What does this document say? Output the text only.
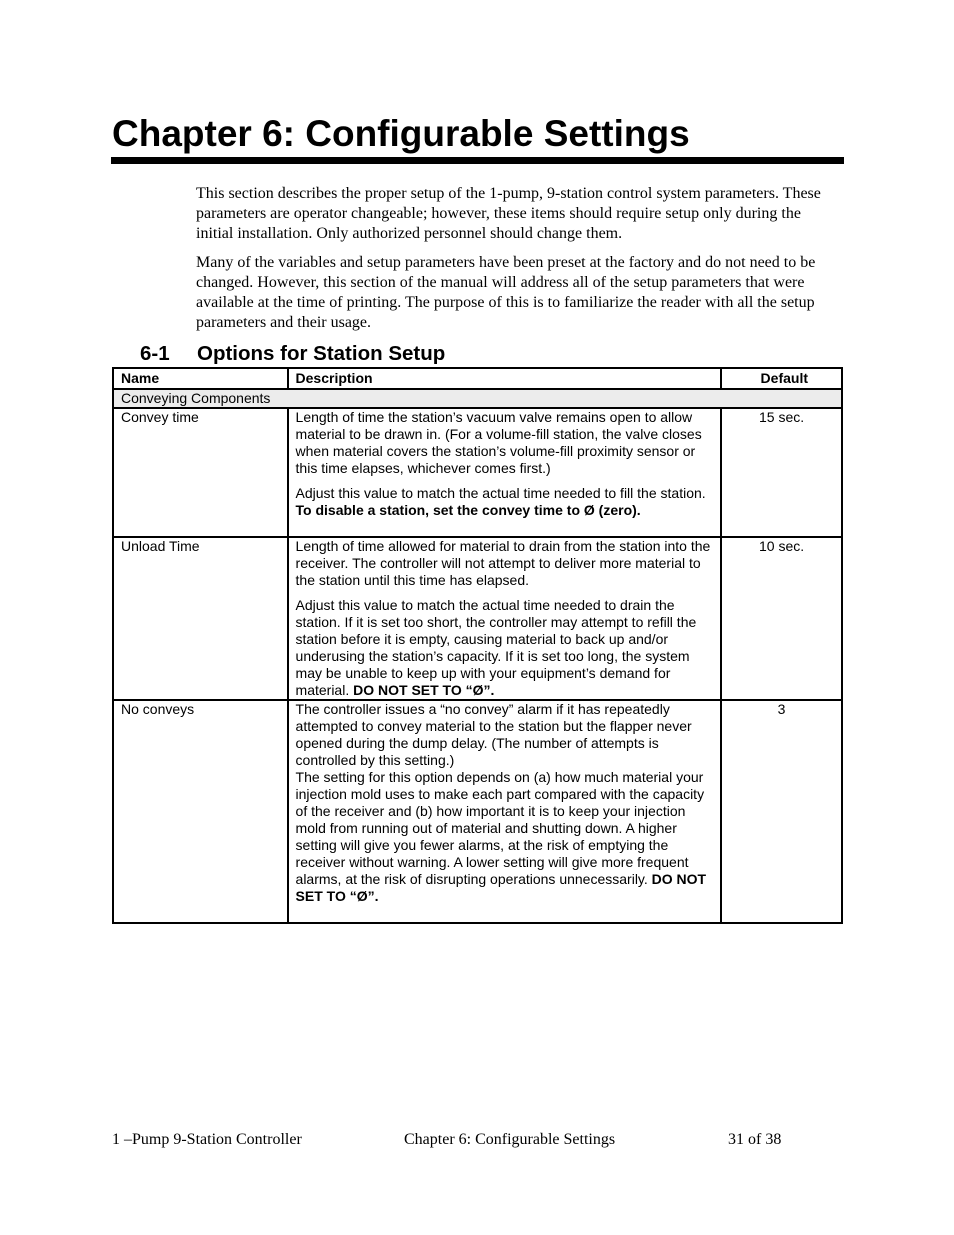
Chapter 6: Configurable Settings

This section describes the proper setup of the 1-pump, 9-station control system parameters. These parameters are operator changeable; however, these items should require setup only during the initial installation. Only authorized personnel should change them.

Many of the variables and setup parameters have been preset at the factory and do not need to be changed. However, this section of the manual will address all of the setup parameters that were available at the time of printing. The purpose of this is to familiarize the reader with all the setup parameters and their usage.

6-1 Options for Station Setup
Name	Description	Default
Conveying Components		
Convey time	Length of time the station’s vacuum valve remains open to allow material to be drawn in. (For a volume-fill station, the valve closes when material covers the station’s volume-fill proximity sensor or this time elapses, whichever comes first.)

Adjust this value to match the actual time needed to fill the station. To disable a station, set the convey time to Ø (zero).	15 sec.
Unload Time	Length of time allowed for material to drain from the station into the receiver. The controller will not attempt to deliver more material to the station until this time has elapsed.

Adjust this value to match the actual time needed to drain the station. If it is set too short, the controller may attempt to refill the station before it is empty, causing material to back up and/or underusing the station’s capacity. If it is set too long, the system may be unable to keep up with your equipment’s demand for material. DO NOT SET TO “Ø”.	10 sec.
No conveys	The controller issues a “no convey” alarm if it has repeatedly attempted to convey material to the station but the flapper never opened during the dump delay. (The number of attempts is controlled by this setting.)
The setting for this option depends on (a) how much material your injection mold uses to make each part compared with the capacity of the receiver and (b) how important it is to keep your injection mold from running out of material and shutting down. A higher setting will give you fewer alarms, at the risk of emptying the receiver without warning. A lower setting will give more frequent alarms, at the risk of disrupting operations unnecessarily. DO NOT SET TO “Ø”.	3
1 –Pump 9-Station Controller	Chapter 6: Configurable Settings	31 of 38
